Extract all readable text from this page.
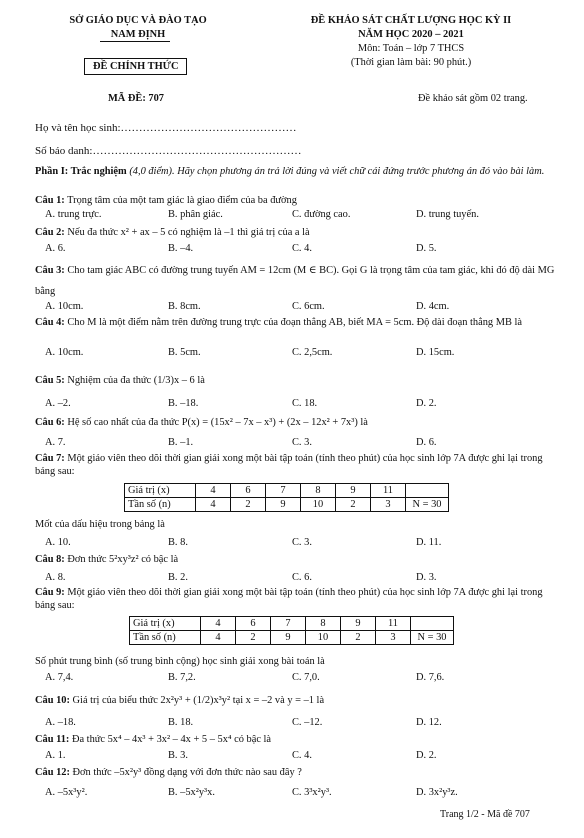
SỞ GIÁO DỤC VÀ ĐÀO TẠO
NAM ĐỊNH
ĐỀ CHÍNH THỨC
MÃ ĐỀ: 707
ĐỀ KHẢO SÁT CHẤT LƯỢNG HỌC KỲ II
NĂM HỌC 2020 – 2021
Môn: Toán – lớp 7 THCS
(Thời gian làm bài: 90 phút.)
Đề khảo sát gồm 02 trang.
Họ và tên học sinh:…………………………………………
Số báo danh:…………………………………………………
Phần I: Trắc nghiệm (4,0 điểm). Hãy chọn phương án trả lời đúng và viết chữ cái đứng trước phương án đó vào bài làm.
Câu 1: Trọng tâm của một tam giác là giao điểm của ba đường
A. trung trực.	B. phân giác.	C. đường cao.	D. trung tuyến.
Câu 2: Nếu đa thức x² + ax – 5 có nghiệm là –1 thì giá trị của a là
A. 6.	B. –4.	C. 4.	D. 5.
Câu 3: Cho tam giác ABC có đường trung tuyến AM = 12cm (M ∈ BC). Gọi G là trọng tâm của tam giác, khi đó độ dài MG bằng
A. 10cm.	B. 8cm.	C. 6cm.	D. 4cm.
Câu 4: Cho M là một điểm nằm trên đường trung trực của đoạn thẳng AB, biết MA = 5cm. Độ dài đoạn thẳng MB là
A. 10cm.	B. 5cm.	C. 2,5cm.	D. 15cm.
Câu 5: Nghiệm của đa thức (1/3)x – 6 là
A. –2.	B. –18.	C. 18.	D. 2.
Câu 6: Hệ số cao nhất của đa thức P(x) = (15x² – 7x – x³) + (2x – 12x² + 7x³) là
A. 7.	B. –1.	C. 3.	D. 6.
Câu 7: Một giáo viên theo dõi thời gian giải xong một bài tập toán (tính theo phút) của học sinh lớp 7A được ghi lại trong bảng sau:
Giá trị (x)	4	6	7	8	9	11	
Tần số (n)	4	2	9	10	2	3	N = 30
Mốt của dấu hiệu trong bảng là
A. 10.	B. 8.	C. 3.	D. 11.
Câu 8: Đơn thức 5²xy³z² có bậc là
A. 8.	B. 2.	C. 6.	D. 3.
Câu 9: Một giáo viên theo dõi thời gian giải xong một bài tập toán (tính theo phút) của học sinh lớp 7A được ghi lại trong bảng sau:
Giá trị (x)	4	6	7	8	9	11	
Tần số (n)	4	2	9	10	2	3	N = 30
Số phút trung bình (số trung bình cộng) học sinh giải xong bài toán là
A. 7,4.	B. 7,2.	C. 7,0.	D. 7,6.
Câu 10: Giá trị của biểu thức 2x²y³ + (1/2)x³y² tại x = –2 và y = –1 là
A. –18.	B. 18.	C. –12.	D. 12.
Câu 11: Đa thức 5x⁴ – 4x³ + 3x² – 4x + 5 – 5x⁴ có bậc là
A. 1.	B. 3.	C. 4.	D. 2.
Câu 12: Đơn thức –5x²y³ đồng dạng với đơn thức nào sau đây ?
A. –5x³y².	B. –5x²y³x.	C. 3³x²y³.	D. 3x²y³z.
Trang 1/2 - Mã đề 707
